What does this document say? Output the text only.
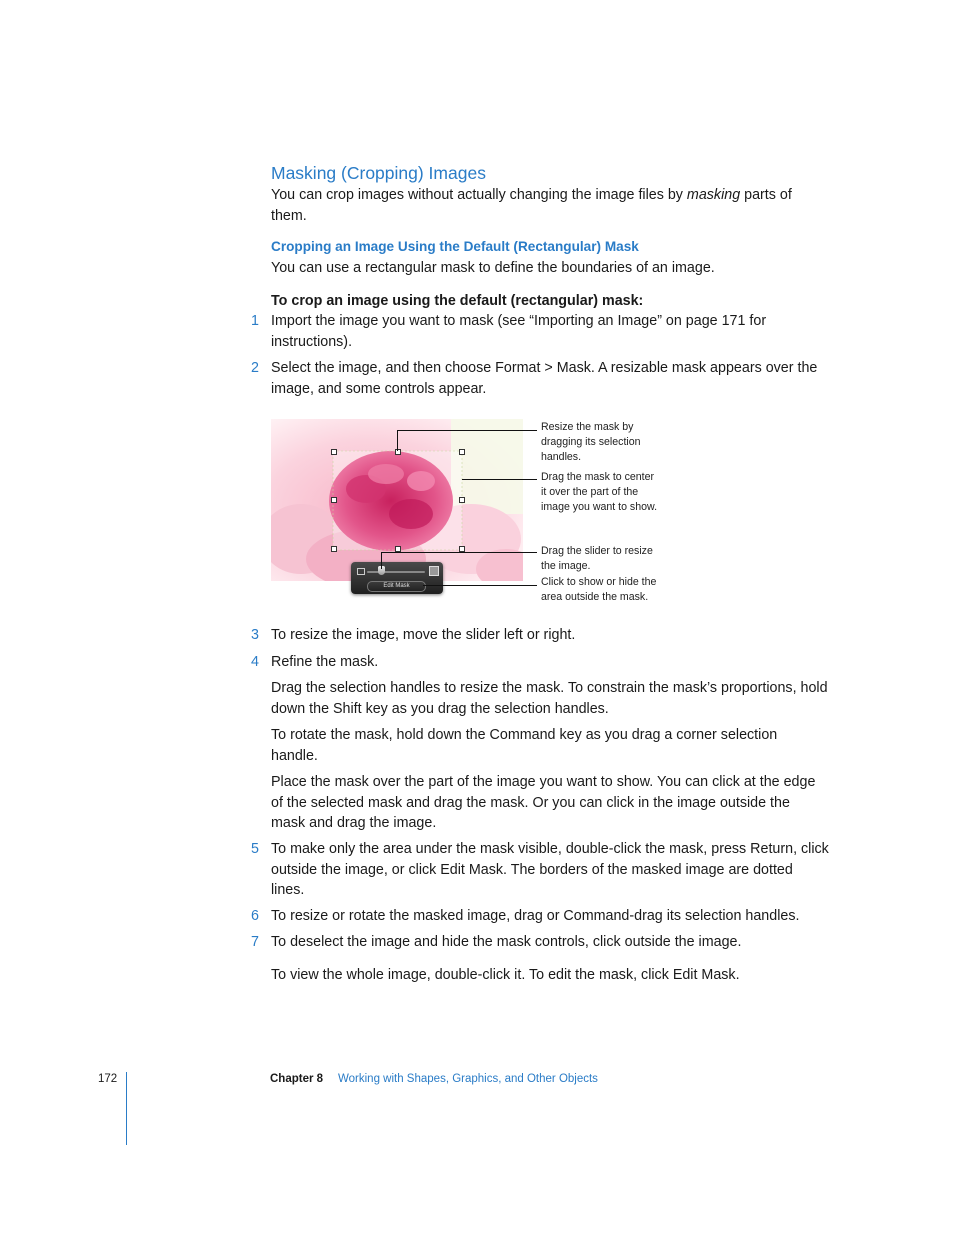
Masking (Cropping) Images
You can crop images without actually changing the image files by masking parts of
them.
Cropping an Image Using the Default (Rectangular) Mask
You can use a rectangular mask to define the boundaries of an image.
To crop an image using the default (rectangular) mask:
1 Import the image you want to mask (see “Importing an Image” on page 171 for
instructions).
2 Select the image, and then choose Format > Mask. A resizable mask appears over the
image, and some controls appear.
Edit Mask
Resize the mask by
dragging its selection
handles.
Drag the mask to center
it over the part of the
image you want to show.
Drag the slider to resize
the image.
Click to show or hide the
area outside the mask.
3 To resize the image, move the slider left or right.
4 Refine the mask.
Drag the selection handles to resize the mask. To constrain the mask’s proportions, hold
down the Shift key as you drag the selection handles.
To rotate the mask, hold down the Command key as you drag a corner selection
handle.
Place the mask over the part of the image you want to show. You can click at the edge
of the selected mask and drag the mask. Or you can click in the image outside the
mask and drag the image.
5 To make only the area under the mask visible, double-click the mask, press Return, click
outside the image, or click Edit Mask. The borders of the masked image are dotted
lines.
6 To resize or rotate the masked image, drag or Command-drag its selection handles.
7 To deselect the image and hide the mask controls, click outside the image.
To view the whole image, double-click it. To edit the mask, click Edit Mask.
172	Chapter 8 Working with Shapes, Graphics, and Other Objects
